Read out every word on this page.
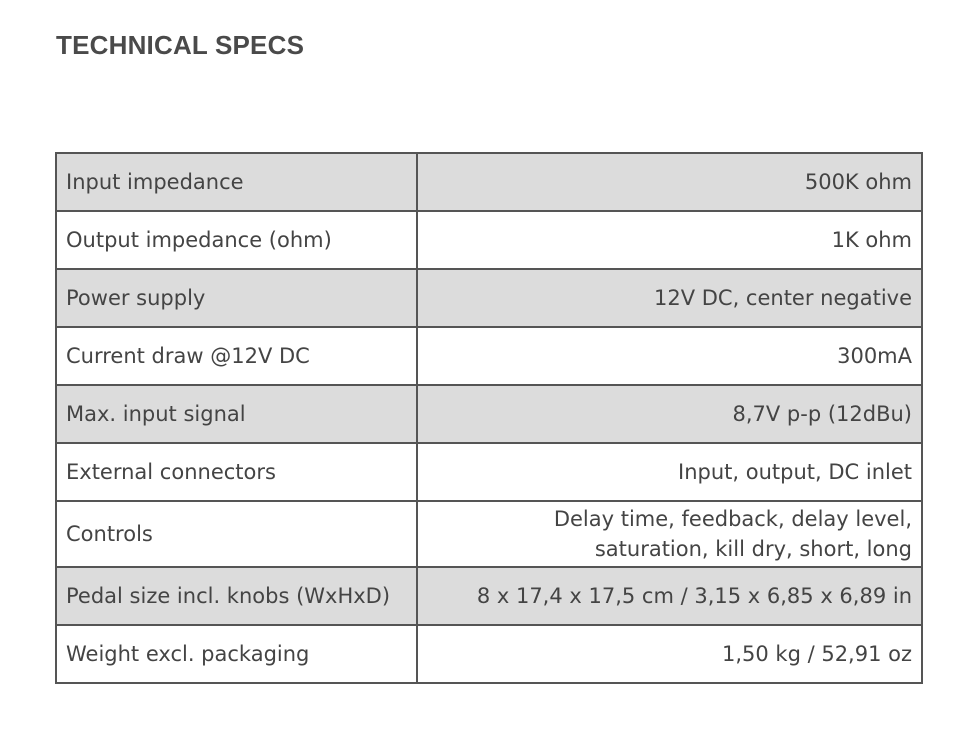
TECHNICAL SPECS
Input impedance	500K ohm
Output impedance (ohm)	1K ohm
Power supply	12V DC, center negative
Current draw @12V DC	300mA
Max. input signal	8,7V p-p (12dBu)
External connectors	Input, output, DC inlet
Controls	Delay time, feedback, delay level,
saturation, kill dry, short, long

Pedal size incl. knobs (WxHxD)	8 x 17,4 x 17,5 cm / 3,15 x 6,85 x 6,89 in
Weight excl. packaging	1,50 kg / 52,91 oz
